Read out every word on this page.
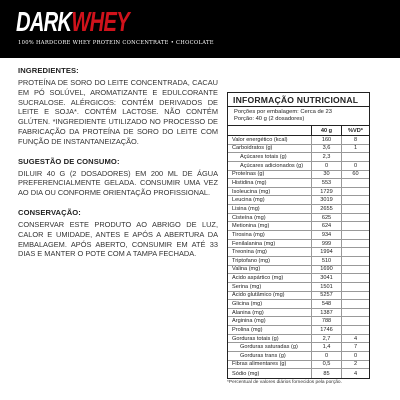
DARKWHEY
100% HARDCORE WHEY PROTEIN CONCENTRATE • CHOCOLATE
INGREDIENTES:
PROTEÍNA DE SORO DO LEITE CONCENTRADA, CACAU EM PÓ SOLÚVEL, AROMATIZANTE E EDULCORANTE SUCRALOSE. ALÉRGICOS: CONTÉM DERIVADOS DE LEITE E SOJA*. CONTÉM LACTOSE. NÃO CONTÉM GLÚTEN. *INGREDIENTE UTILIZADO NO PROCESSO DE FABRICAÇÃO DA PROTEÍNA DE SORO DO LEITE COM FUNÇÃO DE INSTANTANEIZAÇÃO.
SUGESTÃO DE CONSUMO:
DILUIR 40 G (2 DOSADORES) EM 200 ML DE ÁGUA PREFERENCIALMENTE GELADA. CONSUMIR UMA VEZ AO DIA OU CONFORME ORIENTAÇÃO PROFISSIONAL.
CONSERVAÇÃO:
CONSERVAR ESTE PRODUTO AO ABRIGO DE LUZ, CALOR E UMIDADE, ANTES E APÓS A ABERTURA DA EMBALAGEM. APÓS ABERTO, CONSUMIR EM ATÉ 33 DIAS E MANTER O POTE COM A TAMPA FECHADA.
INFORMAÇÃO NUTRICIONAL
Porções por embalagem: Cerca de 23
Porção: 40 g (2 dosadores)
40 g	%VD*
Valor energético (kcal)	160	8
Carboidratos (g)	3,6	1
Açúcares totais (g)	2,3
Açúcares adicionados (g)	0	0
Proteínas (g)	30	60
Histidina (mg)	553
Isoleucina (mg)	1729
Leucina (mg)	3019
Lisina (mg)	2655
Cisteína (mg)	625
Metionina (mg)	624
Tirosina (mg)	934
Fenilalanina (mg)	999
Treonina (mg)	1994
Triptofano (mg)	510
Valina (mg)	1690
Ácido aspártico (mg)	3041
Serina (mg)	1501
Ácido glutâmico (mg)	5257
Glicina (mg)	548
Alanina (mg)	1387
Arginina (mg)	788
Prolina (mg)	1746
Gorduras totais (g)	2,7	4
Gorduras saturadas (g)	1,4	7
Gorduras trans (g)	0	0
Fibras alimentares (g)	0,5	2
Sódio (mg)	85	4
*Percentual de valores diários fornecidos pela porção.
